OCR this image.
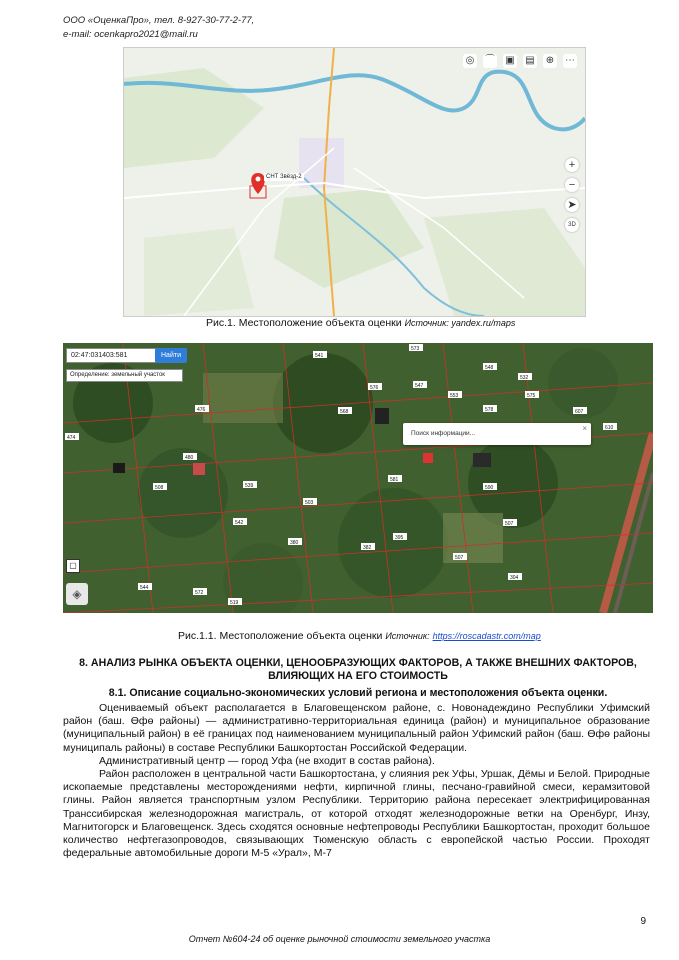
ООО «ОценкаПро», тел. 8-927-30-77-2-77,
e-mail: ocenkapro2021@mail.ru
СНТ Звёзд-2
◎ ⌒ ▣ ▤ ⊕ ⋯
+
−
➤
3D
Рис.1. Местоположение объекта оценки Источник: yandex.ru/maps
573
541
548
547
532
553	575
578
568
576
610
607
474
476
480
539
581
590
507
508
503
542
380
395
382
507
544
572
519
304
02:47:031403:581	Найти
Определение: земельный участок
Поиск информации...
×
▢
◈
Рис.1.1. Местоположение объекта оценки Источник: https://roscadastr.com/map
8. АНАЛИЗ РЫНКА ОБЪЕКТА ОЦЕНКИ, ЦЕНООБРАЗУЮЩИХ ФАКТОРОВ, А ТАКЖЕ ВНЕШНИХ ФАКТОРОВ,
ВЛИЯЮЩИХ НА ЕГО СТОИМОСТЬ
8.1. Описание социально-экономических условий региона и местоположения объекта оценки.

Оцениваемый объект располагается в Благовещенском районе, с. Новонадеждино Республики Уфимский район (баш. Өфө районы) — административно-территориальная единица (район) и муниципальное образование (муниципальный район) в её границах под наименованием муниципальный район Уфимский район (баш. Өфө районы муниципаль районы) в составе Республики Башкортостан Российской Федерации.

Административный центр — город Уфа (не входит в состав района).

Район расположен в центральной части Башкортостана, у слияния рек Уфы, Уршак, Дёмы и Белой. Природные ископаемые представлены месторождениями нефти, кирпичной глины, песчано-гравийной смеси, керамзитовой глины. Район является транспортным узлом Республики. Территорию района пересекает электрифицированная Транссибирская железнодорожная магистраль, от которой отходят железнодорожные ветки на Оренбург, Инзу, Магнитогорск и Благовещенск. Здесь сходятся основные нефтепроводы Республики Башкортостан, проходит большое количество нефтегазопроводов, связывающих Тюменскую область с европейской частью России. Проходят федеральные автомобильные дороги М-5 «Урал», М-7

9
Отчет №604-24 об оценке рыночной стоимости земельного участка
